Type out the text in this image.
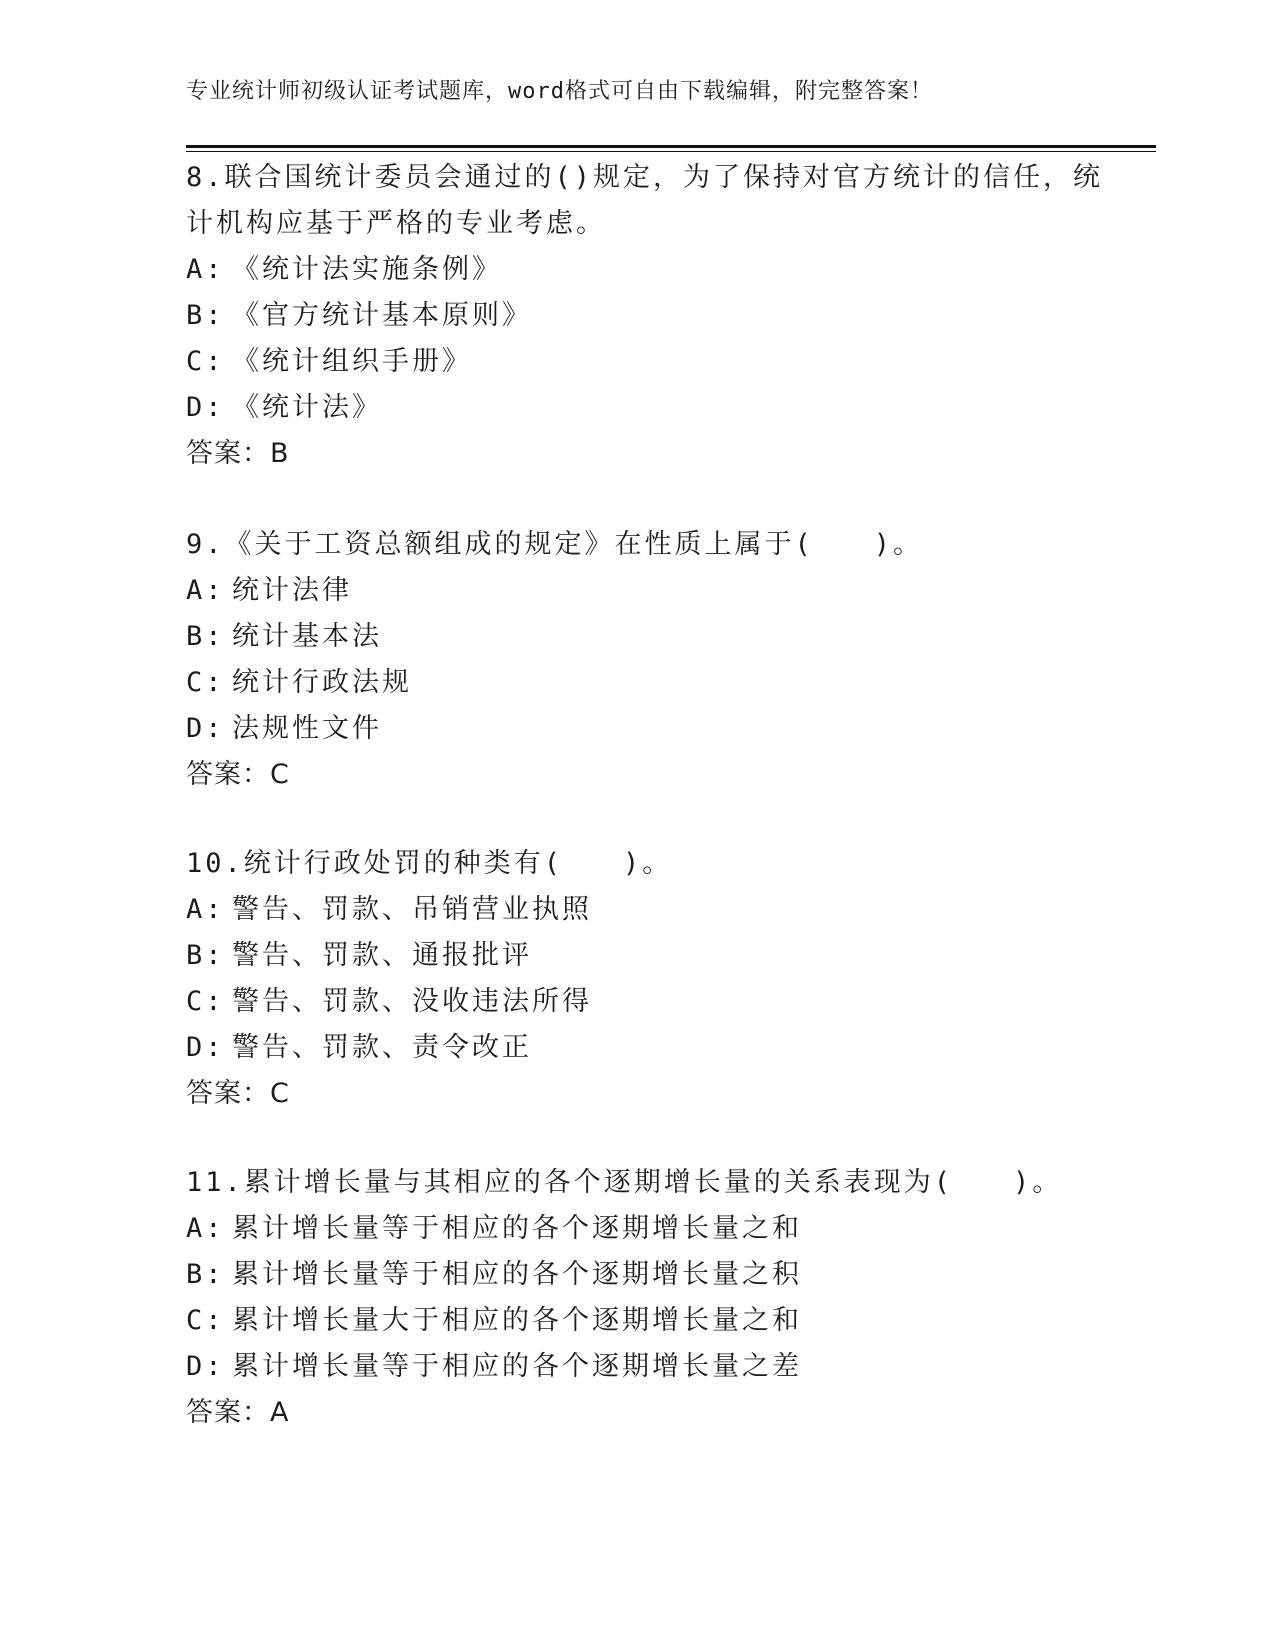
专业统计师初级认证考试题库，word格式可自由下载编辑，附完整答案！
8.联合国统计委员会通过的()规定，为了保持对官方统计的信任，统
计机构应基于严格的专业考虑。
A: 《统计法实施条例》
B: 《官方统计基本原则》
C: 《统计组织手册》
D: 《统计法》
答案：B
9.《关于工资总额组成的规定》在性质上属于(　　)。
A: 统计法律
B: 统计基本法
C: 统计行政法规
D: 法规性文件
答案：C
10.统计行政处罚的种类有(　　)。
A: 警告、罚款、吊销营业执照
B: 警告、罚款、通报批评
C: 警告、罚款、没收违法所得
D: 警告、罚款、责令改正
答案：C
11.累计增长量与其相应的各个逐期增长量的关系表现为(　　)。
A: 累计增长量等于相应的各个逐期增长量之和
B: 累计增长量等于相应的各个逐期增长量之积
C: 累计增长量大于相应的各个逐期增长量之和
D: 累计增长量等于相应的各个逐期增长量之差
答案：A
